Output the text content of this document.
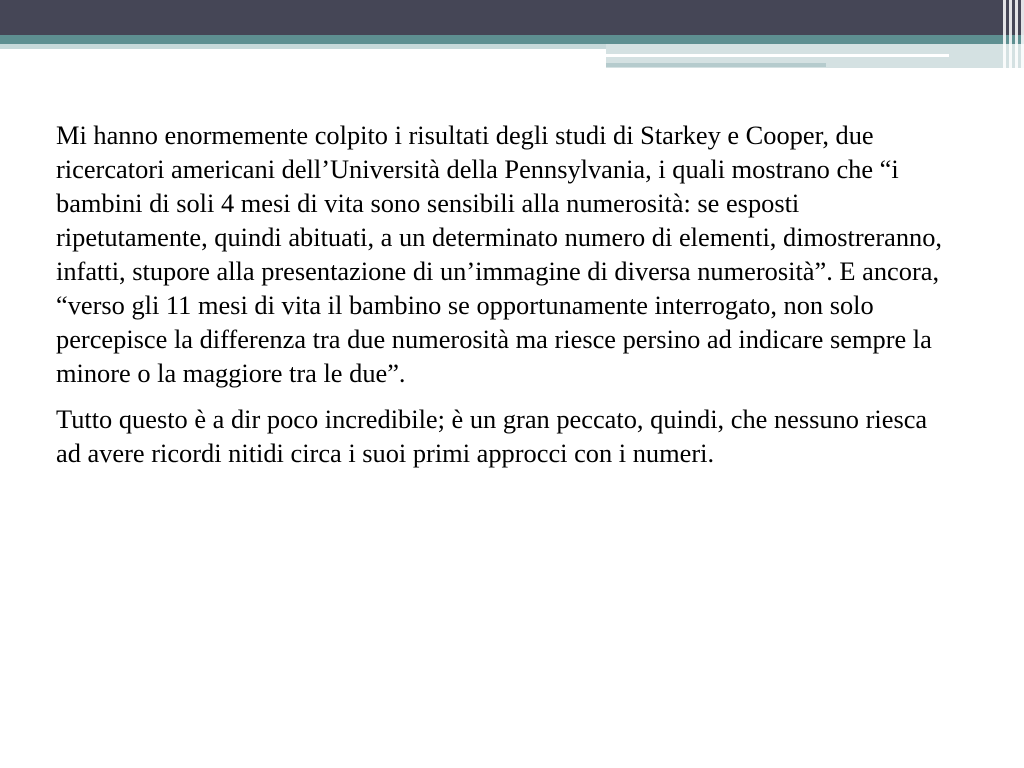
Mi hanno enormemente colpito i risultati degli studi di Starkey e Cooper, due ricercatori americani dell’Università della Pennsylvania, i quali mostrano che “i bambini di soli 4 mesi di vita sono sensibili alla numerosità: se esposti ripetutamente, quindi abituati, a un determinato numero di elementi, dimostreranno, infatti, stupore alla presentazione di un’immagine di diversa numerosità”. E ancora, “verso gli 11 mesi di vita il bambino se opportunamente interrogato, non solo percepisce la differenza tra due numerosità ma riesce persino ad indicare sempre la minore o la maggiore tra le due”.

Tutto questo è a dir poco incredibile; è un gran peccato, quindi, che nessuno riesca ad avere ricordi nitidi circa i suoi primi approcci con i numeri.
